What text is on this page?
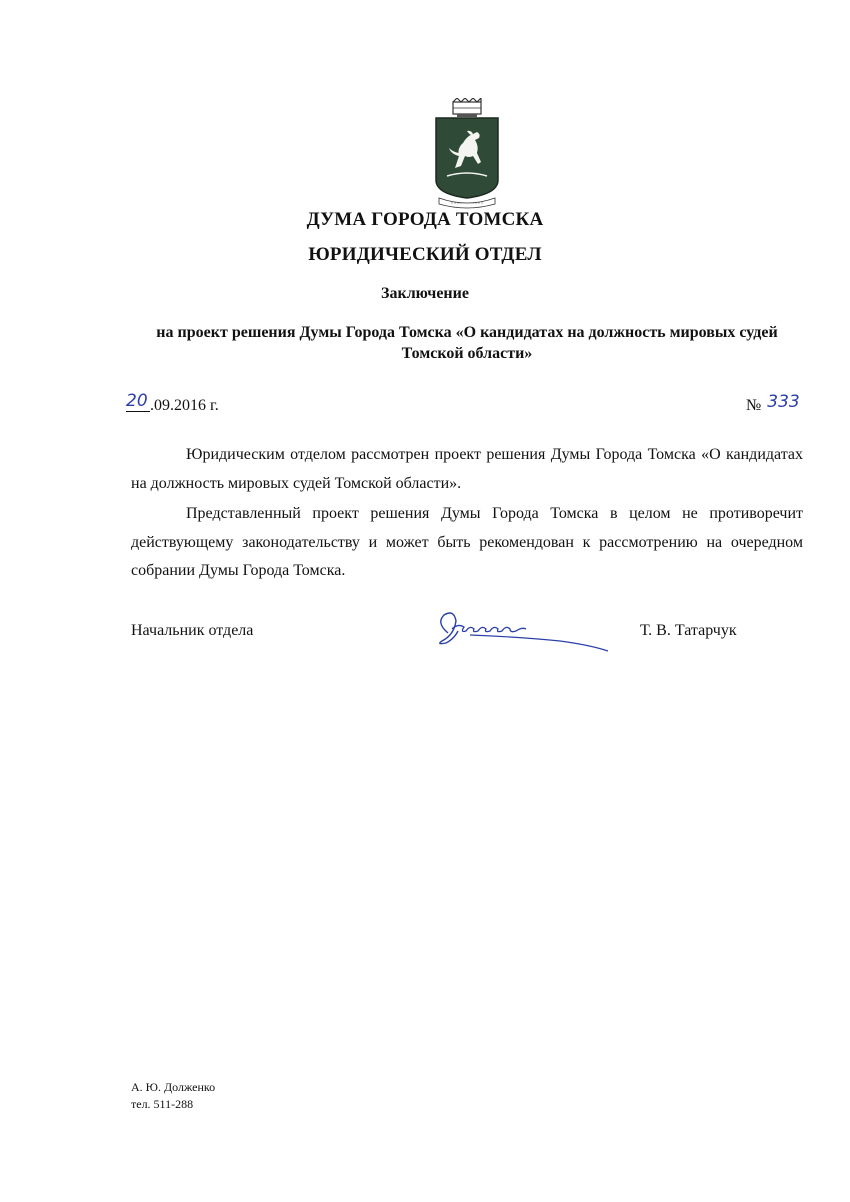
ДУМА ГОРОДА ТОМСКА
ЮРИДИЧЕСКИЙ ОТДЕЛ
Заключение
на проект решения Думы Города Томска «О кандидатах на должность мировых судей Томской области»
20 .09.2016 г.	№ 333
Юридическим отделом рассмотрен проект решения Думы Города Томска «О кандидатах на должность мировых судей Томской области».
Представленный проект решения Думы Города Томска в целом не противоречит действующему законодательству и может быть рекомендован к рассмотрению на очередном собрании Думы Города Томска.
Начальник отдела	Т. В. Татарчук
А. Ю. Долженко
тел. 511-288
